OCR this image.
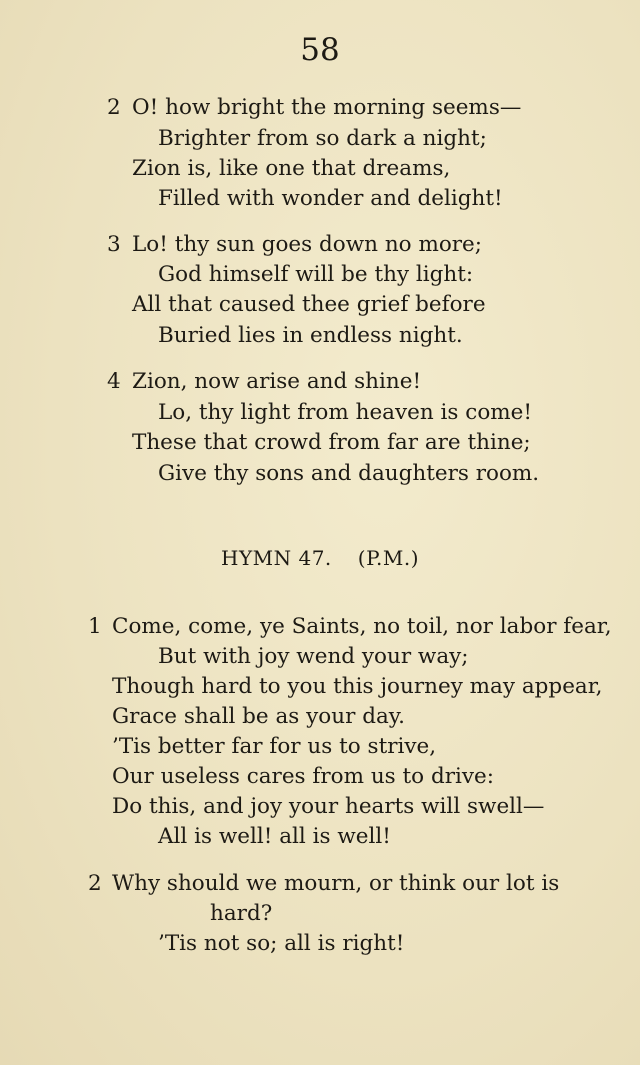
58
2 O! how bright the morning seems—
Brighter from so dark a night;
Zion is, like one that dreams,
Filled with wonder and delight!
3 Lo! thy sun goes down no more;
God himself will be thy light:
All that caused thee grief before
Buried lies in endless night.
4 Zion, now arise and shine!
Lo, thy light from heaven is come!
These that crowd from far are thine;
Give thy sons and daughters room.
HYMN 47. (P.M.)
1 Come, come, ye Saints, no toil, nor labor fear,
But with joy wend your way;
Though hard to you this journey may appear,
Grace shall be as your day.
’Tis better far for us to strive,
Our useless cares from us to drive:
Do this, and joy your hearts will swell—
All is well! all is well!
2 Why should we mourn, or think our lot is
hard?
’Tis not so; all is right!
